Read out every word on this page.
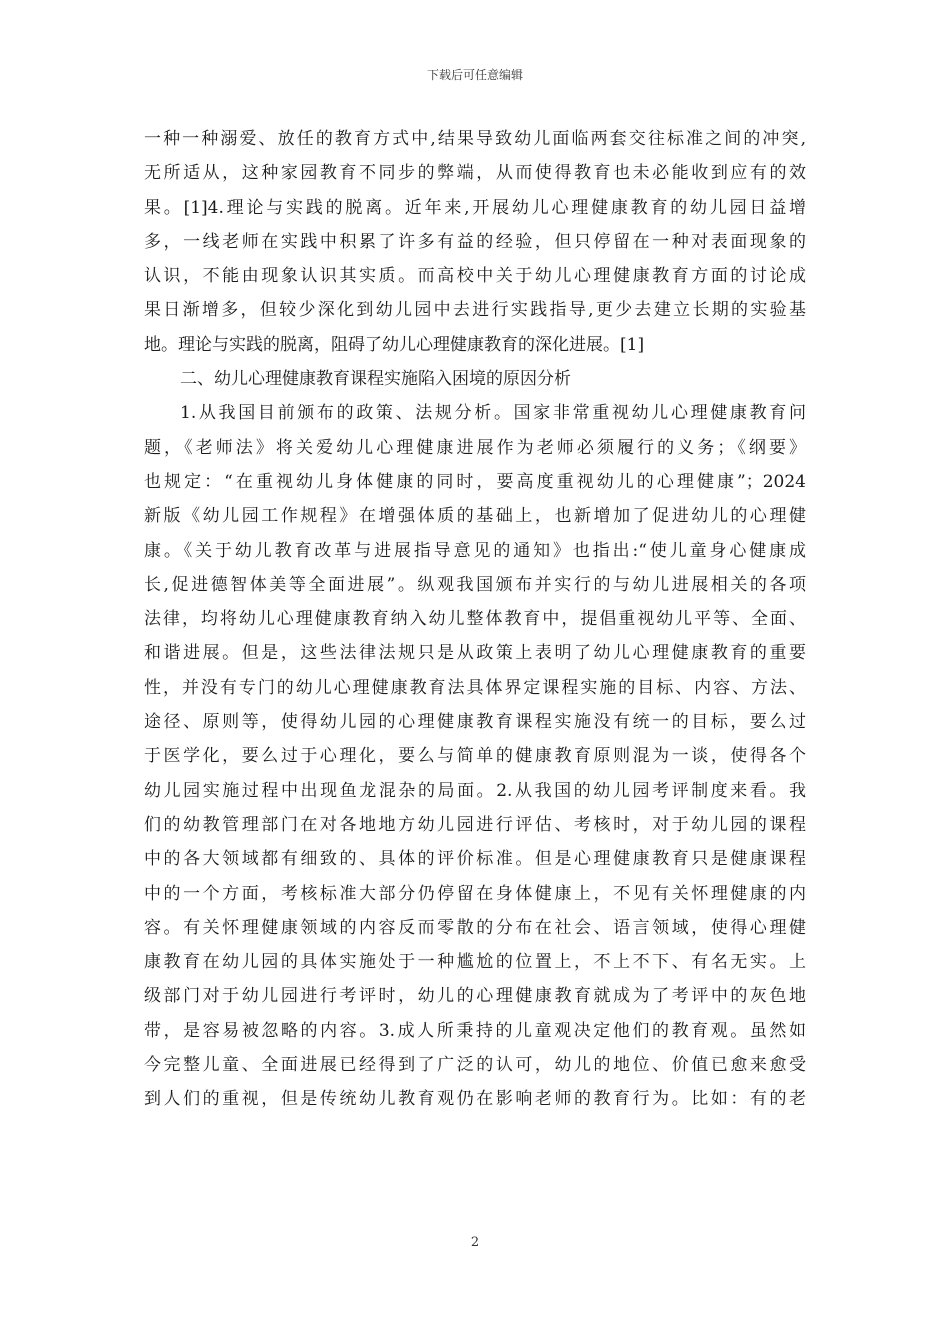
下载后可任意编辑
一种一种溺爱、放任的教育方式中,结果导致幼儿面临两套交往标准之间的冲突,
无所适从，这种家园教育不同步的弊端，从而使得教育也未必能收到应有的效
果。[1]4.理论与实践的脱离。近年来,开展幼儿心理健康教育的幼儿园日益增
多，一线老师在实践中积累了许多有益的经验，但只停留在一种对表面现象的
认识，不能由现象认识其实质。而高校中关于幼儿心理健康教育方面的讨论成
果日渐增多，但较少深化到幼儿园中去进行实践指导,更少去建立长期的实验基
地。理论与实践的脱离，阻碍了幼儿心理健康教育的深化进展。[1]
二、幼儿心理健康教育课程实施陷入困境的原因分析
1.从我国目前颁布的政策、法规分析。国家非常重视幼儿心理健康教育问
题，《老师法》将关爱幼儿心理健康进展作为老师必须履行的义务；《纲要》
也规定：“在重视幼儿身体健康的同时，要高度重视幼儿的心理健康”；2024
新版《幼儿园工作规程》在增强体质的基础上，也新增加了促进幼儿的心理健
康。《关于幼儿教育改革与进展指导意见的通知》也指出:“使儿童身心健康成
长,促进德智体美等全面进展”。纵观我国颁布并实行的与幼儿进展相关的各项
法律，均将幼儿心理健康教育纳入幼儿整体教育中，提倡重视幼儿平等、全面、
和谐进展。但是，这些法律法规只是从政策上表明了幼儿心理健康教育的重要
性，并没有专门的幼儿心理健康教育法具体界定课程实施的目标、内容、方法、
途径、原则等，使得幼儿园的心理健康教育课程实施没有统一的目标，要么过
于医学化，要么过于心理化，要么与简单的健康教育原则混为一谈，使得各个
幼儿园实施过程中出现鱼龙混杂的局面。2.从我国的幼儿园考评制度来看。我
们的幼教管理部门在对各地地方幼儿园进行评估、考核时，对于幼儿园的课程
中的各大领域都有细致的、具体的评价标准。但是心理健康教育只是健康课程
中的一个方面，考核标准大部分仍停留在身体健康上，不见有关怀理健康的内
容。有关怀理健康领域的内容反而零散的分布在社会、语言领域，使得心理健
康教育在幼儿园的具体实施处于一种尴尬的位置上，不上不下、有名无实。上
级部门对于幼儿园进行考评时，幼儿的心理健康教育就成为了考评中的灰色地
带，是容易被忽略的内容。3.成人所秉持的儿童观决定他们的教育观。虽然如
今完整儿童、全面进展已经得到了广泛的认可，幼儿的地位、价值已愈来愈受
到人们的重视，但是传统幼儿教育观仍在影响老师的教育行为。比如：有的老
2
